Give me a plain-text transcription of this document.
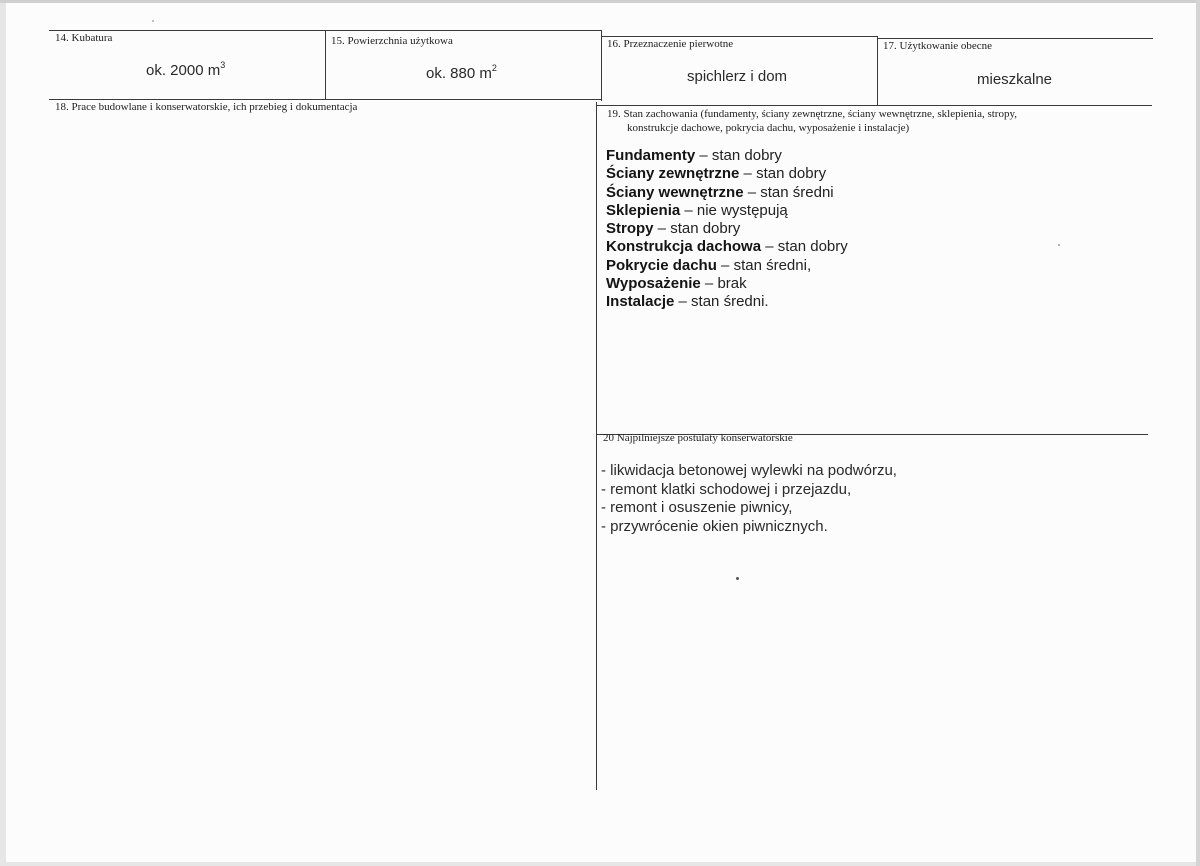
14. Kubatura
ok. 2000 $m^3$
15. Powierzchnia użytkowa
ok. 880 $m^2$
16. Przeznaczenie pierwotne
spichlerz i dom
17. Użytkowanie obecne
mieszkalne
18. Prace budowlane i konserwatorskie, ich przebieg i dokumentacja
19. Stan zachowania (fundamenty, ściany zewnętrzne, ściany wewnętrzne, sklepienia, stropy,
konstrukcje dachowe, pokrycia dachu, wyposażenie i instalacje)
Fundamenty – stan dobry
Ściany zewnętrzne – stan dobry
Ściany wewnętrzne – stan średni
Sklepienia – nie występują
Stropy – stan dobry
Konstrukcja dachowa – stan dobry
Pokrycie dachu – stan średni,
Wyposażenie – brak
Instalacje – stan średni.
20 Najpilniejsze postulaty konserwatorskie
- likwidacja betonowej wylewki na podwórzu,
- remont klatki schodowej i przejazdu,
- remont i osuszenie piwnicy,
- przywrócenie okien piwnicznych.
